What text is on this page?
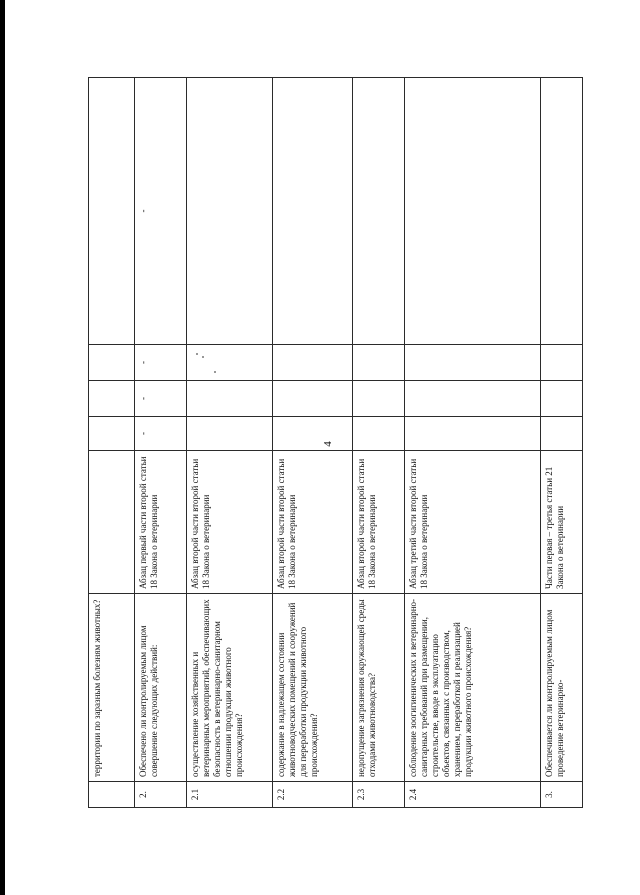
4
	территории по заразным болезням животных?					
2.	Обеспечено ли контролируемым лицом совершение следующих действий:	Абзац первый части второй статьи 18 Закона о ветеринарии	-	-	-	-
2.1	осуществление хозяйственных и ветеринарных мероприятий, обеспечивающих безопасность в ветеринарно-санитарном отношении продукции животного происхождения?	Абзац второй части второй статьи 18 Закона о ветеринарии				
2.2	содержание в надлежащем состоянии животноводческих помещений и сооружений для переработки продукции животного происхождения?	Абзац второй части второй статьи 18 Закона о ветеринарии				
2.3	недопущение загрязнения окружающей среды отходами животноводства?	Абзац второй части второй статьи 18 Закона о ветеринарии				
2.4	соблюдение зоогигиенических и ветеринарно-санитарных требований при размещении, строительстве, вводе в эксплуатацию объектов, связанных с производством, хранением, переработкой и реализацией продукции животного происхождения?	Абзац третий части второй статьи 18 Закона о ветеринарии				
3.	Обеспечивается ли контролируемым лицом проведение ветеринарно-	Части первая – третья статьи 21 Закона о ветеринарии				
